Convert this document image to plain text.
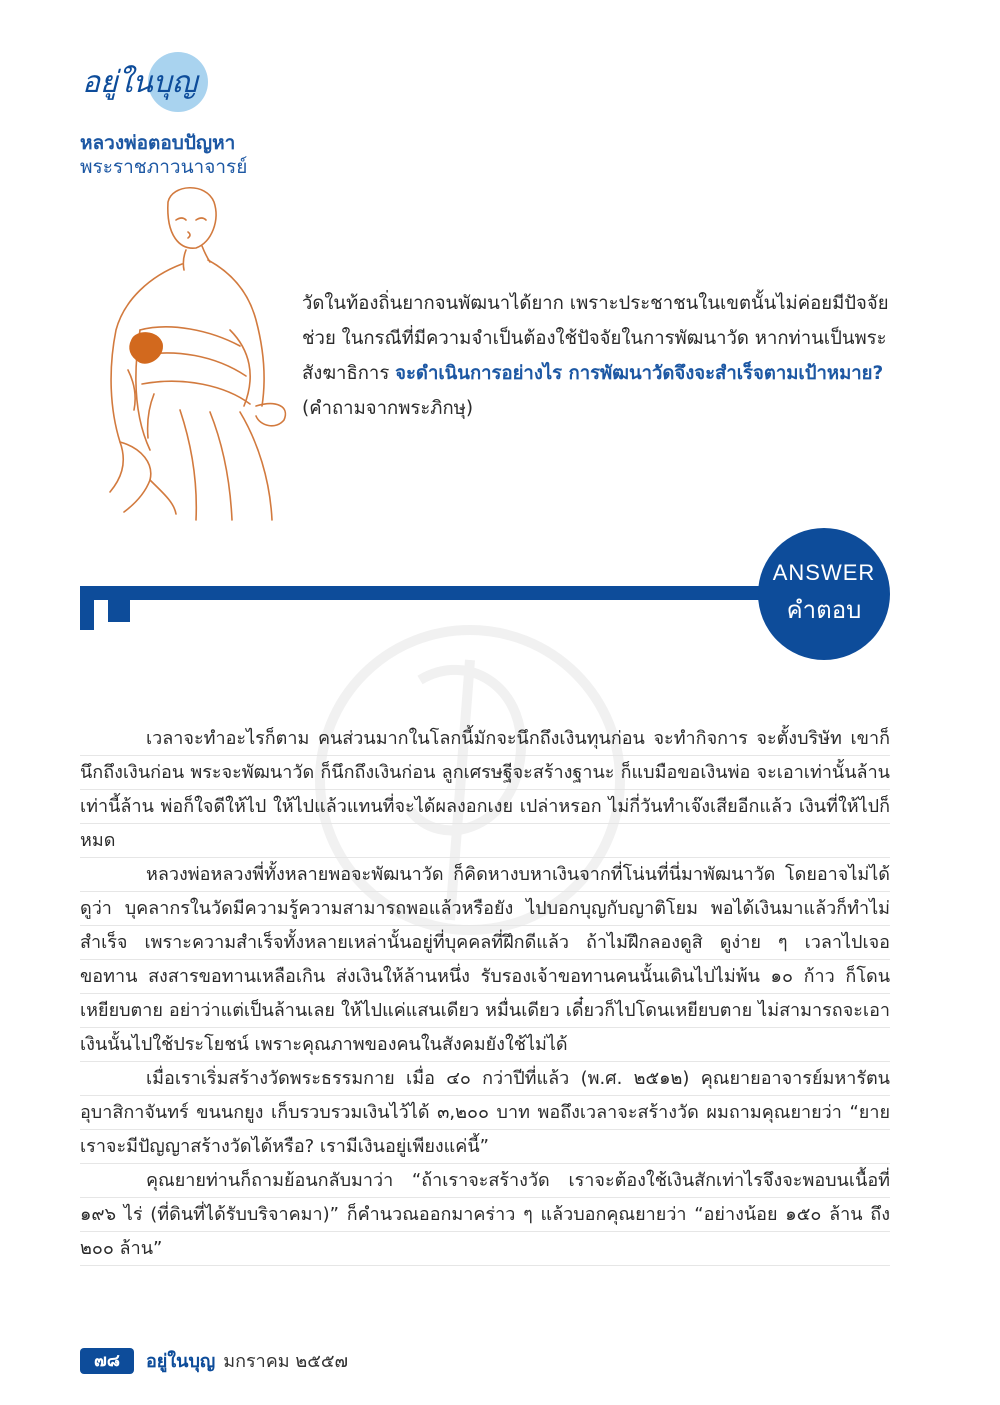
อยู่ในบุญ
หลวงพ่อตอบปัญหา
พระราชภาวนาจารย์
วัดในท้องถิ่นยากจนพัฒนาได้ยาก เพราะประชาชนในเขตนั้นไม่ค่อยมีปัจจัยช่วย ในกรณีที่มีความจำเป็นต้องใช้ปัจจัยในการพัฒนาวัด หากท่านเป็นพระสังฆาธิการ จะดำเนินการอย่างไร การพัฒนาวัดจึงจะสำเร็จตามเป้าหมาย? (คำถามจากพระภิกษุ)
ANSWER
คำตอบ

เวลาจะทำอะไรก็ตาม คนส่วนมากในโลกนี้มักจะนึกถึงเงินทุนก่อน จะทำกิจการ จะตั้งบริษัท เขาก็นึกถึงเงินก่อน พระจะพัฒนาวัด ก็นึกถึงเงินก่อน ลูกเศรษฐีจะสร้างฐานะ ก็แบมือขอเงินพ่อ จะเอาเท่านั้นล้านเท่านี้ล้าน พ่อก็ใจดีให้ไป ให้ไปแล้วแทนที่จะได้ผลงอกเงย เปล่าหรอก ไม่กี่วันทำเจ๊งเสียอีกแล้ว เงินที่ให้ไปก็หมด

หลวงพ่อหลวงพี่ทั้งหลายพอจะพัฒนาวัด ก็คิดหางบหาเงินจากที่โน่นที่นี่มาพัฒนาวัด โดยอาจไม่ได้ดูว่า บุคลากรในวัดมีความรู้ความสามารถพอแล้วหรือยัง ไปบอกบุญกับญาติโยม พอได้เงินมาแล้วก็ทำไม่สำเร็จ เพราะความสำเร็จทั้งหลายเหล่านั้นอยู่ที่บุคคลที่ฝึกดีแล้ว ถ้าไม่ฝึกลองดูสิ ดูง่าย ๆ เวลาไปเจอขอทาน สงสารขอทานเหลือเกิน ส่งเงินให้ล้านหนึ่ง รับรองเจ้าขอทานคนนั้นเดินไปไม่พ้น ๑๐ ก้าว ก็โดนเหยียบตาย อย่าว่าแต่เป็นล้านเลย ให้ไปแค่แสนเดียว หมื่นเดียว เดี๋ยวก็ไปโดนเหยียบตาย ไม่สามารถจะเอาเงินนั้นไปใช้ประโยชน์ เพราะคุณภาพของคนในสังคมยังใช้ไม่ได้

เมื่อเราเริ่มสร้างวัดพระธรรมกาย เมื่อ ๔๐ กว่าปีที่แล้ว (พ.ศ. ๒๕๑๒) คุณยายอาจารย์มหารัตนอุบาสิกาจันทร์ ขนนกยูง เก็บรวบรวมเงินไว้ได้ ๓,๒๐๐ บาท พอถึงเวลาจะสร้างวัด ผมถามคุณยายว่า “ยาย เราจะมีปัญญาสร้างวัดได้หรือ? เรามีเงินอยู่เพียงแค่นี้”

คุณยายท่านก็ถามย้อนกลับมาว่า “ถ้าเราจะสร้างวัด เราจะต้องใช้เงินสักเท่าไรจึงจะพอบนเนื้อที่ ๑๙๖ ไร่ (ที่ดินที่ได้รับบริจาคมา)” ก็คำนวณออกมาคร่าว ๆ แล้วบอกคุณยายว่า “อย่างน้อย ๑๕๐ ล้าน ถึง ๒๐๐ ล้าน”

๗๘	อยู่ในบุญ มกราคม ๒๕๕๗
